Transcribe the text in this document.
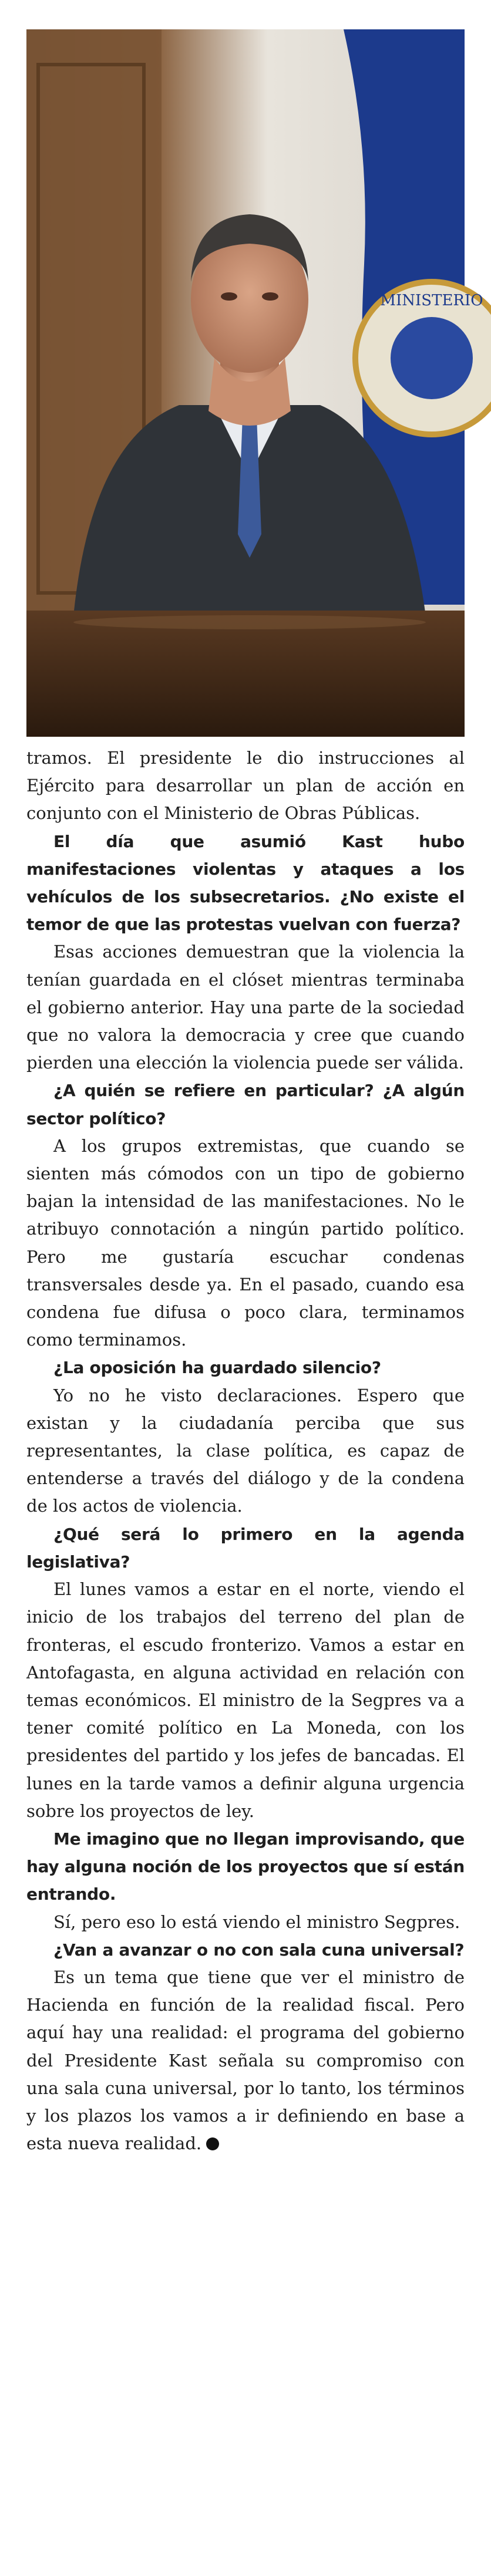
MINISTERIO

tramos. El presidente le dio instrucciones al Ejército para desarrollar un plan de acción en conjunto con el Ministerio de Obras Públicas.

El día que asumió Kast hubo manifestaciones violentas y ataques a los vehículos de los subsecretarios. ¿No existe el temor de que las protestas vuelvan con fuerza?

Esas acciones demuestran que la violencia la tenían guardada en el clóset mientras terminaba el gobierno anterior. Hay una parte de la sociedad que no valora la democracia y cree que cuando pierden una elección la violencia puede ser válida.

¿A quién se refiere en particular? ¿A algún sector político?

A los grupos extremistas, que cuando se sienten más cómodos con un tipo de gobierno bajan la intensidad de las manifestaciones. No le atribuyo connotación a ningún partido político. Pero me gustaría escuchar condenas transversales desde ya. En el pasado, cuando esa condena fue difusa o poco clara, terminamos como terminamos.

¿La oposición ha guardado silencio?

Yo no he visto declaraciones. Espero que existan y la ciudadanía perciba que sus representantes, la clase política, es capaz de entenderse a través del diálogo y de la condena de los actos de violencia.

¿Qué será lo primero en la agenda legislativa?

El lunes vamos a estar en el norte, viendo el inicio de los trabajos del terreno del plan de fronteras, el escudo fronterizo. Vamos a estar en Antofagasta, en alguna actividad en relación con temas económicos. El ministro de la Segpres va a tener comité político en La Moneda, con los presidentes del partido y los jefes de bancadas. El lunes en la tarde vamos a definir alguna urgencia sobre los proyectos de ley.

Me imagino que no llegan improvisando, que hay alguna noción de los proyectos que sí están entrando.

Sí, pero eso lo está viendo el ministro Segpres.

¿Van a avanzar o no con sala cuna universal?

Es un tema que tiene que ver el ministro de Hacienda en función de la realidad fiscal. Pero aquí hay una realidad: el programa del gobierno del Presidente Kast señala su compromiso con una sala cuna universal, por lo tanto, los términos y los plazos los vamos a ir definiendo en base a esta nueva realidad.
